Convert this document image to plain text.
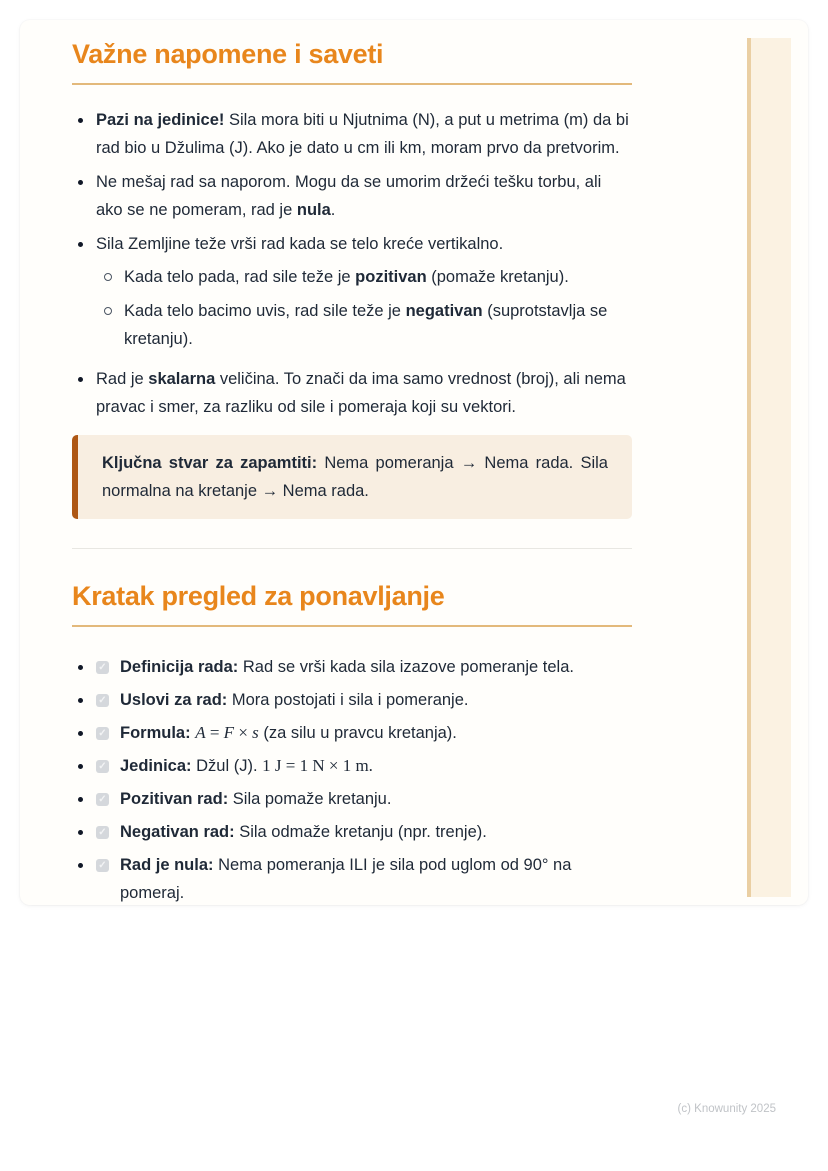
Važne napomene i saveti

Pazi na jedinice! Sila mora biti u Njutnima (N), a put u metrima (m) da bi rad bio u Džulima (J). Ako je dato u cm ili km, moram prvo da pretvorim.

Ne mešaj rad sa naporom. Mogu da se umorim držeći tešku torbu, ali ako se ne pomeram, rad je nula.

Sila Zemljine teže vrši rad kada se telo kreće vertikalno.

Kada telo pada, rad sile teže je pozitivan (pomaže kretanju).

Kada telo bacimo uvis, rad sile teže je negativan (suprotstavlja se kretanju).

Rad je skalarna veličina. To znači da ima samo vrednost (broj), ali nema pravac i smer, za razliku od sile i pomeraja koji su vektori.

Ključna stvar za zapamtiti: Nema pomeranja → Nema rada. Sila normalna na kretanje → Nema rada.

Kratak pregled za ponavljanje
✓

Definicija rada: Rad se vrši kada sila izazove pomeranje tela.

✓

Uslovi za rad: Mora postojati i sila i pomeranje.

✓

Formula: A = F × s (za silu u pravcu kretanja).

✓

Jedinica: Džul (J). 1 J = 1 N × 1 m.

✓

Pozitivan rad: Sila pomaže kretanju.

✓

Negativan rad: Sila odmaže kretanju (npr. trenje).

✓

Rad je nula: Nema pomeranja ILI je sila pod uglom od 90° na pomeraj.

(c) Knowunity 2025
